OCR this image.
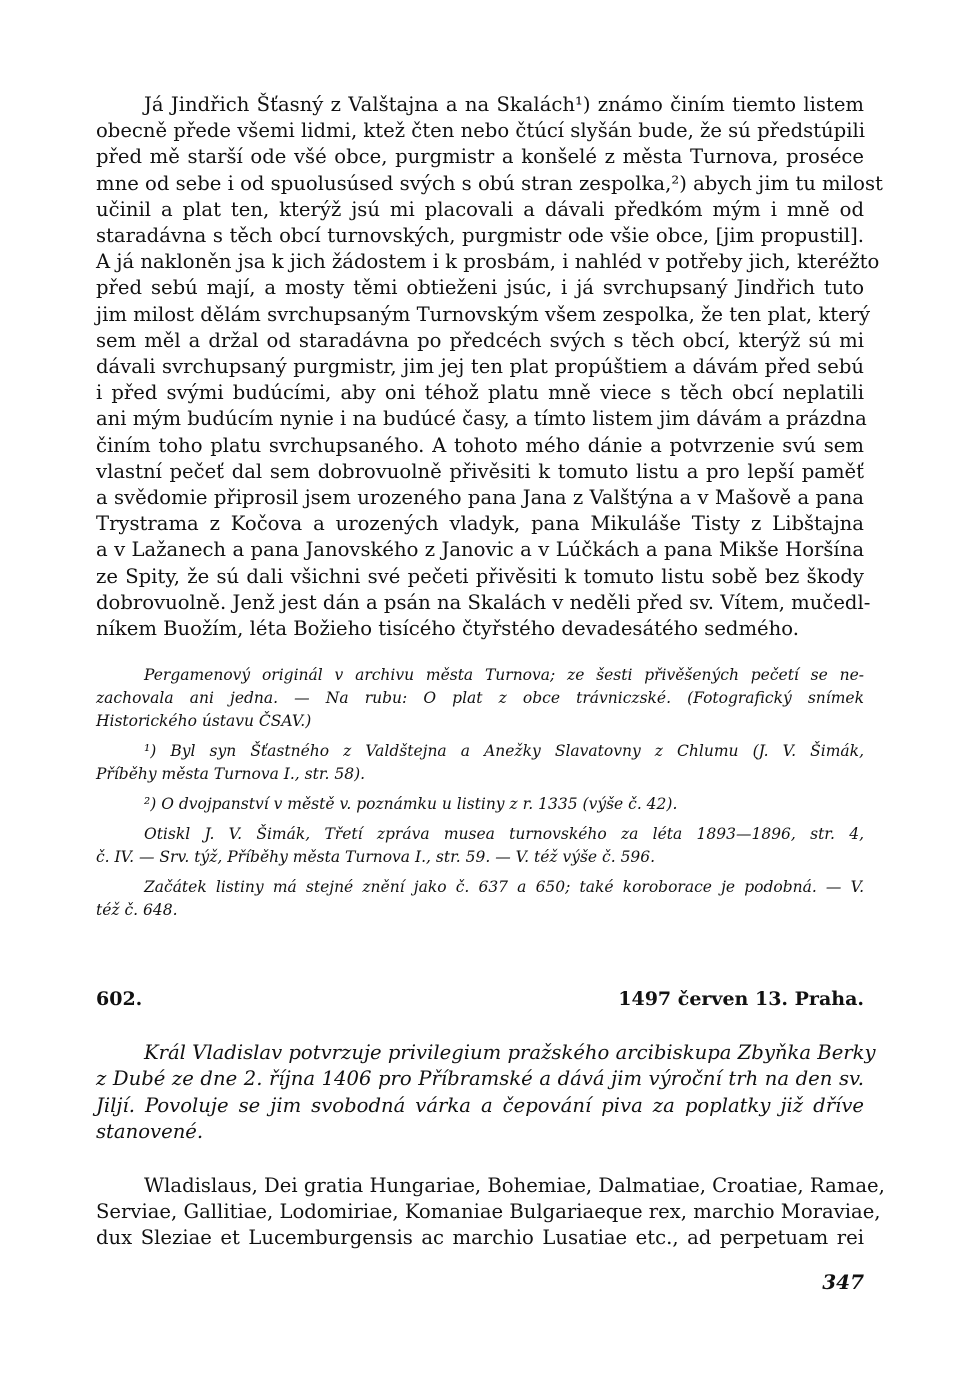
Já Jindřich Šťasný z Valštajna a na Skalách¹) známo činím tiemto listem
obecně přede všemi lidmi, ktež čten nebo čtúcí slyšán bude, že sú předstúpili
před mě starší ode všé obce, purgmistr a konšelé z města Turnova, proséce
mne od sebe i od spuolusúsed svých s obú stran zespolka,²) abych jim tu milost
učinil a plat ten, kterýž jsú mi placovali a dávali předkóm mým i mně od
staradávna s těch obcí turnovských, purgmistr ode všie obce, [jim propustil].
A já nakloněn jsa k jich žádostem i k prosbám, i nahléd v potřeby jich, kteréžto
před sebú mají, a mosty těmi obtieženi jsúc, i já svrchupsaný Jindřich tuto
jim milost dělám svrchupsaným Turnovským všem zespolka, že ten plat, který
sem měl a držal od staradávna po předcéch svých s těch obcí, kterýž sú mi
dávali svrchupsaný purgmistr, jim jej ten plat propúštiem a dávám před sebú
i před svými budúcími, aby oni téhož platu mně viece s těch obcí neplatili
ani mým budúcím nynie i na budúcé časy, a tímto listem jim dávám a prázdna
činím toho platu svrchupsaného. A tohoto mého dánie a potvrzenie svú sem
vlastní pečeť dal sem dobrovuolně přivěsiti k tomuto listu a pro lepší paměť
a svědomie připrosil jsem urozeného pana Jana z Valštýna a v Mašově a pana
Trystrama z Kočova a urozených vladyk, pana Mikuláše Tisty z Libštajna
a v Lažanech a pana Janovského z Janovic a v Lúčkách a pana Mikše Horšína
ze Spity, že sú dali všichni své pečeti přivěsiti k tomuto listu sobě bez škody
dobrovuolně. Jenž jest dán a psán na Skalách v neděli před sv. Vítem, mučedl-
níkem Buožím, léta Božieho tisícého čtyřstého devadesátého sedmého.

Pergamenový originál v archivu města Turnova; ze šesti přivěšených pečetí se ne-
zachovala ani jedna. — Na rubu: O plat z obce trávniczské. (Fotografický snímek
Historického ústavu ČSAV.)

¹) Byl syn Šťastného z Valdštejna a Anežky Slavatovny z Chlumu (J. V. Šimák,
Příběhy města Turnova I., str. 58).

²) O dvojpanství v městě v. poznámku u listiny z r. 1335 (výše č. 42).

Otiskl J. V. Šimák, Třetí zpráva musea turnovského za léta 1893—1896, str. 4,
č. IV. — Srv. týž, Příběhy města Turnova I., str. 59. — V. též výše č. 596.

Začátek listiny má stejné znění jako č. 637 a 650; také koroborace je podobná. — V.
též č. 648.

602.	1497 červen 13. Praha.
Král Vladislav potvrzuje privilegium pražského arcibiskupa Zbyňka Berky
z Dubé ze dne 2. října 1406 pro Příbramské a dává jim výroční trh na den sv.
Jiljí. Povoluje se jim svobodná várka a čepování piva za poplatky již dříve
stanovené.
Wladislaus, Dei gratia Hungariae, Bohemiae, Dalmatiae, Croatiae, Ramae,
Serviae, Gallitiae, Lodomiriae, Komaniae Bulgariaeque rex, marchio Moraviae,
dux Sleziae et Lucemburgensis ac marchio Lusatiae etc., ad perpetuam rei
347
